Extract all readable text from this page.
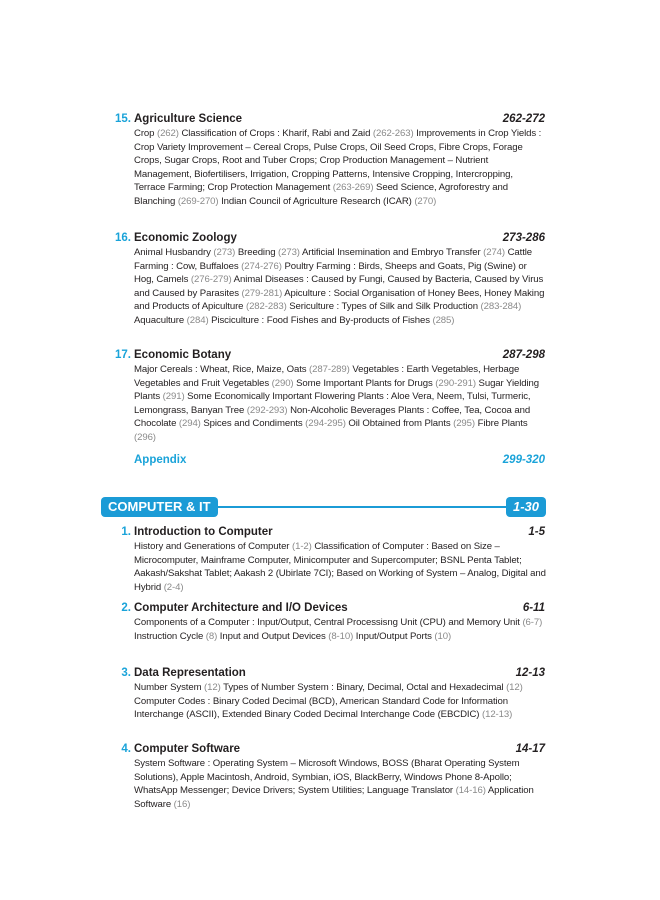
15. Agriculture Science	262-272
Crop (262) Classification of Crops : Kharif, Rabi and Zaid (262-263) Improvements in Crop Yields : Crop Variety Improvement – Cereal Crops, Pulse Crops, Oil Seed Crops, Fibre Crops, Forage Crops, Sugar Crops, Root and Tuber Crops; Crop Production Management – Nutrient Management, Biofertilisers, Irrigation, Cropping Patterns, Intensive Cropping, Intercropping, Terrace Farming; Crop Protection Management (263-269) Seed Science, Agroforestry and Blanching (269-270) Indian Council of Agriculture Research (ICAR) (270)
16. Economic Zoology	273-286
Animal Husbandry (273) Breeding (273) Artificial Insemination and Embryo Transfer (274) Cattle Farming : Cow, Buffaloes (274-276) Poultry Farming : Birds, Sheeps and Goats, Pig (Swine) or Hog, Camels (276-279) Animal Diseases : Caused by Fungi, Caused by Bacteria, Caused by Virus and Caused by Parasites (279-281) Apiculture : Social Organisation of Honey Bees, Honey Making and Products of Apiculture (282-283) Sericulture : Types of Silk and Silk Production (283-284) Aquaculture (284) Pisciculture : Food Fishes and By-products of Fishes (285)
17. Economic Botany	287-298
Major Cereals : Wheat, Rice, Maize, Oats (287-289) Vegetables : Earth Vegetables, Herbage Vegetables and Fruit Vegetables (290) Some Important Plants for Drugs (290-291) Sugar Yielding Plants (291) Some Economically Important Flowering Plants : Aloe Vera, Neem, Tulsi, Turmeric, Lemongrass, Banyan Tree (292-293) Non-Alcoholic Beverages Plants : Coffee, Tea, Cocoa and Chocolate (294) Spices and Condiments (294-295) Oil Obtained from Plants (295) Fibre Plants (296)
Appendix	299-320
COMPUTER & IT	1-30
1. Introduction to Computer	1-5
History and Generations of Computer (1-2) Classification of Computer : Based on Size – Microcomputer, Mainframe Computer, Minicomputer and Supercomputer; BSNL Penta Tablet; Aakash/Sakshat Tablet; Aakash 2 (Ubirlate 7CI); Based on Working of System – Analog, Digital and Hybrid (2-4)
2. Computer Architecture and I/O Devices	6-11
Components of a Computer : Input/Output, Central Processisng Unit (CPU) and Memory Unit (6-7) Instruction Cycle (8) Input and Output Devices (8-10) Input/Output Ports (10)
3. Data Representation	12-13
Number System (12) Types of Number System : Binary, Decimal, Octal and Hexadecimal (12) Computer Codes : Binary Coded Decimal (BCD), American Standard Code for Information Interchange (ASCII), Extended Binary Coded Decimal Interchange Code (EBCDIC) (12-13)
4. Computer Software	14-17
System Software : Operating System – Microsoft Windows, BOSS (Bharat Operating System Solutions), Apple Macintosh, Android, Symbian, iOS, BlackBerry, Windows Phone 8-Apollo; WhatsApp Messenger; Device Drivers; System Utilities; Language Translator (14-16) Application Software (16)
